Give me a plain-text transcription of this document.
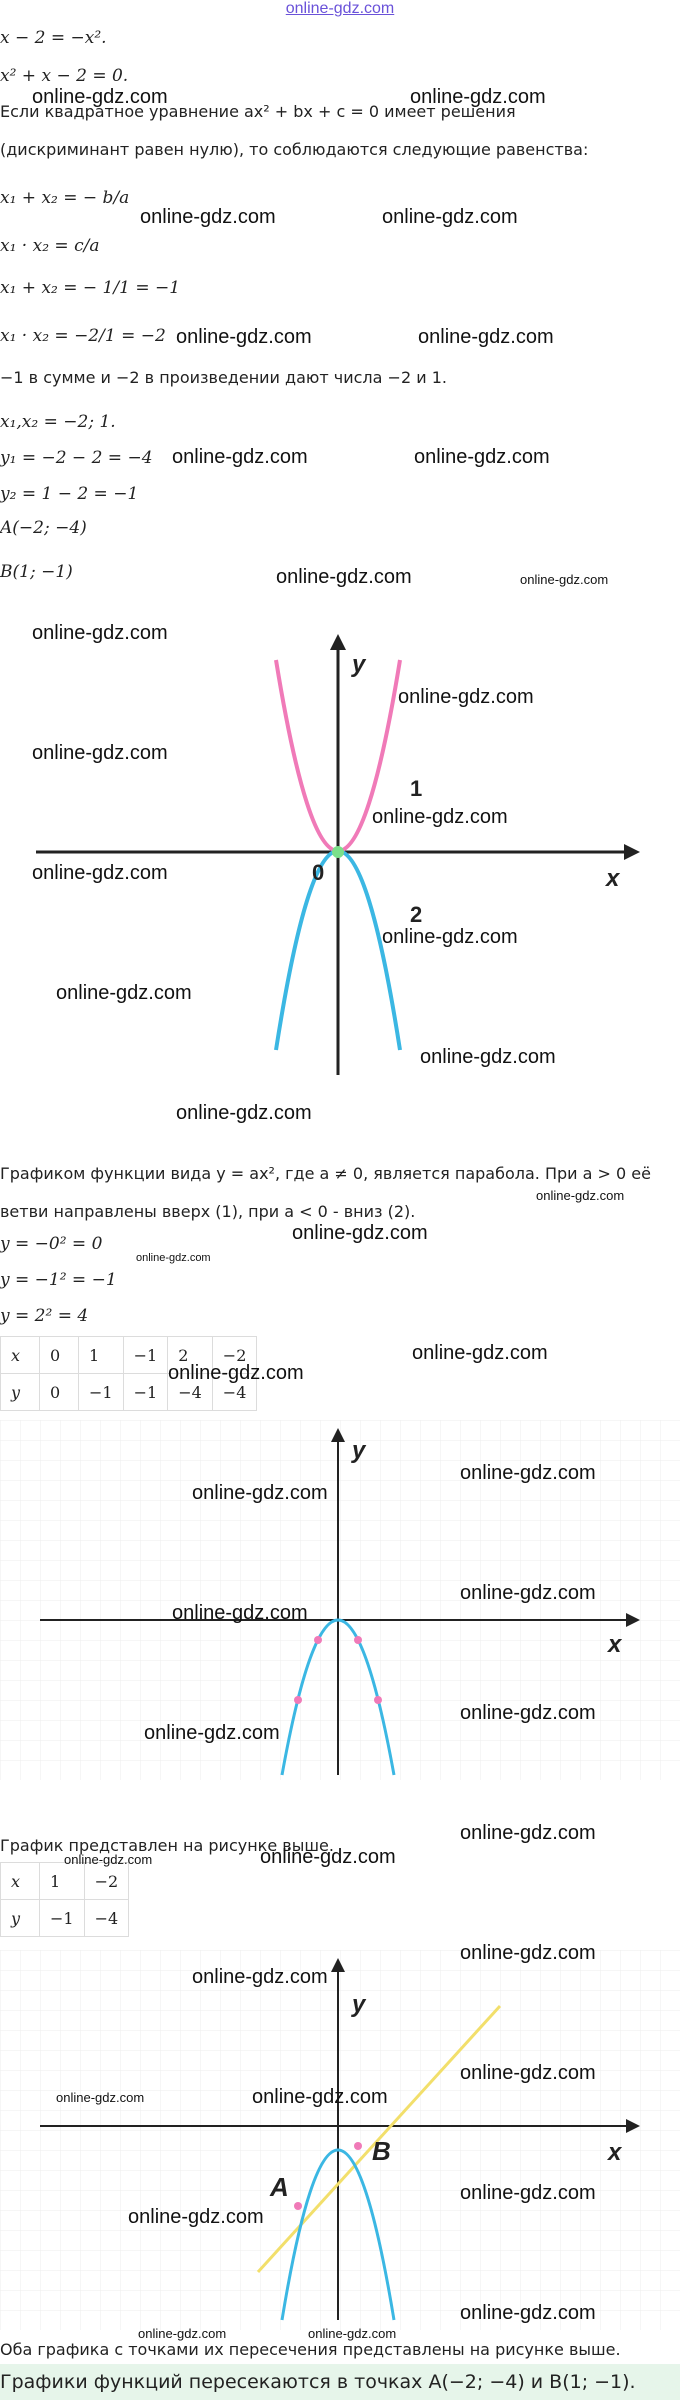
online-gdz.com
x − 2 = −x².
x² + x − 2 = 0.
Если квадратное уравнение ax² + bx + c = 0 имеет решения
(дискриминант равен нулю), то соблюдаются следующие равенства:
x₁ + x₂ = − b/a
x₁ · x₂ = c/a
x₁ + x₂ = − 1/1 = −1
x₁ · x₂ = −2/1 = −2
−1 в сумме и −2 в произведении дают числа −2 и 1.
x₁,x₂ = −2; 1.
y₁ = −2 − 2 = −4
y₂ = 1 − 2 = −1
A(−2; −4)
B(1; −1)
y
x
0
1
2
Графиком функции вида y = ax², где a ≠ 0, является парабола. При a > 0 её
ветви направлены вверх (1), при a < 0 - вниз (2).
y = −0² = 0
y = −1² = −1
y = 2² = 4
x	0	1	−1	2	−2
y	0	−1	−1	−4	−4
y
x
График представлен на рисунке выше.
x	1	−2
y	−1	−4
y
x
A
B
Оба графика с точками их пересечения представлены на рисунке выше.
Графики функций пересекаются в точках A(−2; −4) и B(1; −1).
online-gdz.com	online-gdz.com
online-gdz.com	online-gdz.com
online-gdz.com	online-gdz.com
online-gdz.com	online-gdz.com
online-gdz.com	online-gdz.com
online-gdz.com
online-gdz.com
online-gdz.com
online-gdz.com
online-gdz.com
online-gdz.com
online-gdz.com
online-gdz.com
online-gdz.com
online-gdz.com
online-gdz.com
online-gdz.com
online-gdz.com
online-gdz.com
online-gdz.com
online-gdz.com
online-gdz.com
online-gdz.com
online-gdz.com
online-gdz.com
online-gdz.com
online-gdz.com
online-gdz.com
online-gdz.com
online-gdz.com
online-gdz.com
online-gdz.com
online-gdz.com
online-gdz.com
online-gdz.com
online-gdz.com
online-gdz.com	online-gdz.com
